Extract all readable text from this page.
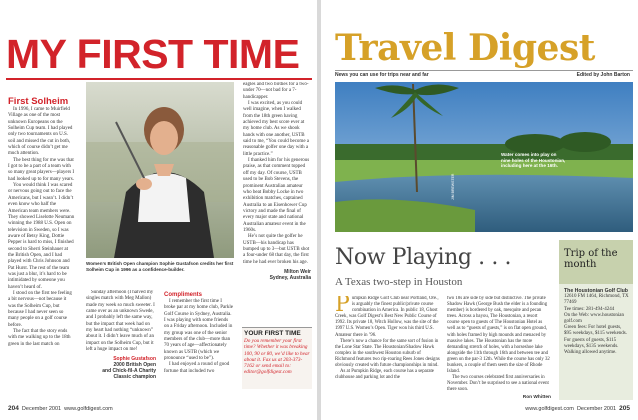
MY FIRST TIME

First Solheim

In 1996, I came to Muirfield Village as one of the most unknown Europeans on the Solheim Cup team. I had played only two tournaments on U.S. soil and missed the cut in both, which of course didn’t get me much attention.

The best thing for me was that I got to be a part of a team with so many great players—players I had looked up to for many years.

You would think I was scared or nervous going out to face the Americans, but I wasn’t. I didn’t even know who half the American team members were. They showed Liselotte Neumann winning the 1988 U.S. Open on television in Sweden, so I was aware of Betsy King, Dottie Pepper is hard to miss, I finished second to Sherri Steinhauer at the British Open, and I had played with Chris Johnson and Pat Hurst. The rest of the team was just a blur, it’s hard to be intimidated by someone you haven’t heard of.

I stood on the first tee feeling a bit nervous—not because it was the Solheim Cup, but because I had never seen so many people on a golf course before.

The fact that the story ends with me walking up to the 18th green in the last match on

Women’s British Open champion Sophie Gustafson credits her first Solheim Cup in 1996 as a confidence-builder.

Sunday afternoon (I halved my singles match with Meg Mallon) made my week so much sweeter. I came over as an unknown Swede, and I probably left the same way, but the impact that week had on my heart had nothing “unknown” about it. I didn’t leave much of an impact on the Solheim Cup, but it left a huge impact on me!

Sophie Gustafson
2000 British Open
and Chick-fil-A Charity
Classic champion
Compliments

I remember the first time I broke par at my home club, Parkle Golf Course in Sydney, Australia. I was playing with some friends on a Friday afternoon. Included in my group was one of the senior members of the club—more than 70 years of age—affectionately known as USTB (which we pronounce “used to be”).

I had enjoyed a round of good fortune that included two

eagles and two birdies for a two-under 70—not bad for a 7-handicapper.

I was excited, as you could well imagine, when I walked from the 18th green having achieved my best score ever at my home club. As we shook hands with one another, USTB said to me, “You could become a reasonable golfer one day with a little practice.”

I thanked him for his generous praise, as that comment topped off my day. Of course, USTB used to be Bob Stevens, the prominent Australian amateur who beat Bobby Locke in two exhibition matches, captained Australia to an Eisenhower Cup victory and made the final of every major state and national Australian amateur event in the 1960s.

He’s not quite the golfer he USTB—his handicap has bumped up to 3—but USTB shot a four-under 68 that day, the first time he had ever broken his age.

Milton Weir
Sydney, Australia
YOUR FIRST TIME
Do you remember your first time? Whether it was breaking 100, 90 or 80, we’d like to hear about it. Fax us at 203-373-7162 or send email to: editor@golfdigest.com
204 December 2001 www.golfdigest.com
Travel Digest
News you can use for trips near and far	Edited by John Barton
Water comes into play on nine holes of the Houstonian, including here at the 16th.
JIM BREWSTER
Now Playing . . .
A Texas two-step in Houston

Pumpkin Ridge Golf Club near Portland, Ore., is arguably the finest public/private course combination in America. In public 18, Ghost Creek, was Golf Digest’s Best New Public Course of 1992. Its private 18, Witch Hollow, was the site of the 1997 U.S. Women’s Open. Tiger won his third U.S. Amateur there in ’96.

There’s now a chance for the same sort of fusion in the Lone Star State. The Houstonian/Shadow Hawk complex in the southwest Houston suburb of Richmond features two rip-roaring Rees Jones designs obviously created with future championships in mind.

As at Pumpkin Ridge, each course has a separate clubhouse and parking lot and the

two 18s are side by side but distinctive. The private Shadow Hawk (George Bush the elder is a founding member) is bordered by oak, mesquite and pecan trees. Across a bayou, The Houstonian, a resort course open to guests of The Houstonian Hotel as well as to “guests of guests,” is on flat open ground, with holes framed by high mounds and menaced by massive lakes. The Houstonian has the more demanding stretch of holes, with a horseshoe lake alongside the 11th through 16th and between tee and green on the par-3 12th. While the course has only 32 bunkers, a couple of them seem the size of Rhode Island.

The two courses celebrated first anniversaries in November. Don’t be surprised to see a national event there soon.

Ron Whitten
Trip of the month
The Houstonian Golf Club
12610 FM 1464, Richmond, TX 77469
Tee times: 281-494-4244
On the Web: www.houstonian golf.com
Green fees: For hotel guests, $95 weekdays, $115 weekends. For guests of guests, $115 weekdays, $135 weekends. Walking allowed anytime.
www.golfdigest.com December 2001 205
